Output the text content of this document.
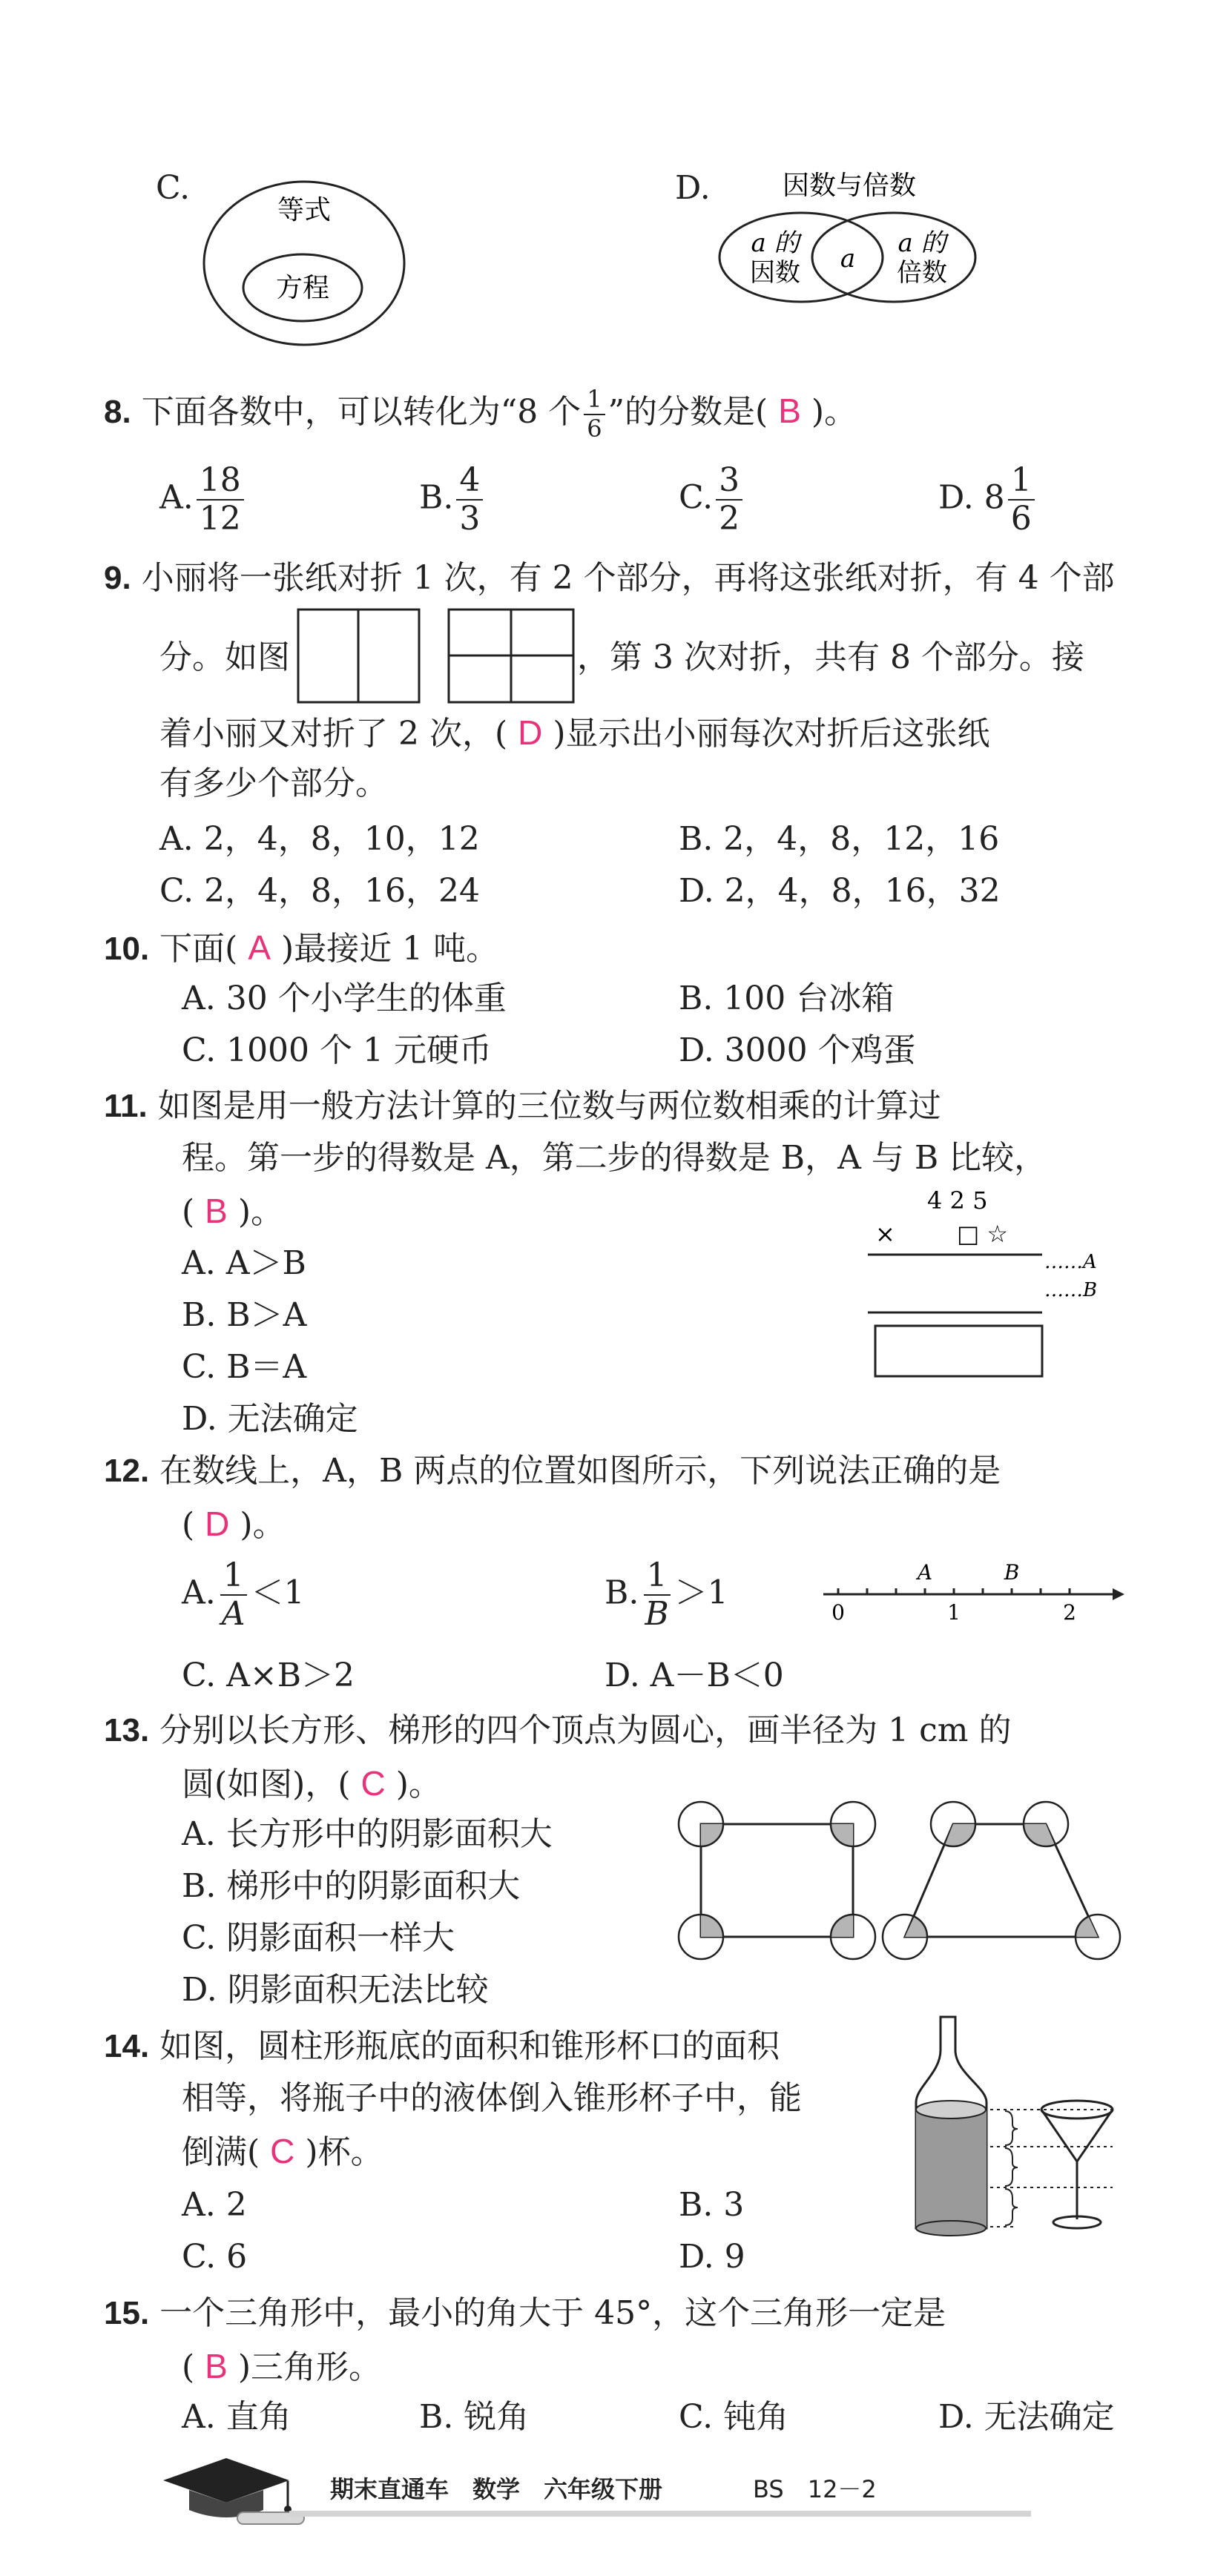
C.
等式
方程
D.	因数与倍数
a 的
因数 a
a 的
倍数
8. 下面各数中，可以转化为“8 个 $\frac{1}{6}$ ”的分数是( B )。
A. $\frac{18}{12}$	B. $\frac{4}{3}$	C. $\frac{3}{2}$	D. $8 \frac{1}{6}$
9. 小丽将一张纸对折 1 次，有 2 个部分，再将这张纸对折，有 4 个部
分。如图	，第 3 次对折，共有 8 个部分。接
着小丽又对折了 2 次，( D )显示出小丽每次对折后这张纸
有多少个部分。
A. 2，4，8，10，12	B. 2，4，8，12，16
C. 2，4，8，16，24	D. 2，4，8，16，32
10. 下面( A )最接近 1 吨。
A. 30 个小学生的体重	B. 100 台冰箱
C. 1000 个 1 元硬币	D. 3000 个鸡蛋
11. 如图是用一般方法计算的三位数与两位数相乘的计算过
程。第一步的得数是 A，第二步的得数是 B，A 与 B 比较，
( B )。
A. A＞B
B. B＞A
C. B＝A
D. 无法确定
4 2 5
×	□ ☆
……A
……B
12. 在数线上，A，B 两点的位置如图所示，下列说法正确的是
( D )。
A. $\frac{1}{A} <1$	B. $\frac{1}{B} >1$
A	B
0	1	2
C. A×B＞2	D. A－B＜0
13. 分别以长方形、梯形的四个顶点为圆心，画半径为 1 cm 的
圆(如图)，( C )。
A. 长方形中的阴影面积大
B. 梯形中的阴影面积大
C. 阴影面积一样大
D. 阴影面积无法比较
14. 如图，圆柱形瓶底的面积和锥形杯口的面积
相等，将瓶子中的液体倒入锥形杯子中，能
倒满( C )杯。
A. 2	B. 3
C. 6	D. 9
15. 一个三角形中，最小的角大于 45°，这个三角形一定是
( B )三角形。
A. 直角	B. 锐角	C. 钝角	D. 无法确定
期末直通车　数学　六年级下册	BS　12－2
